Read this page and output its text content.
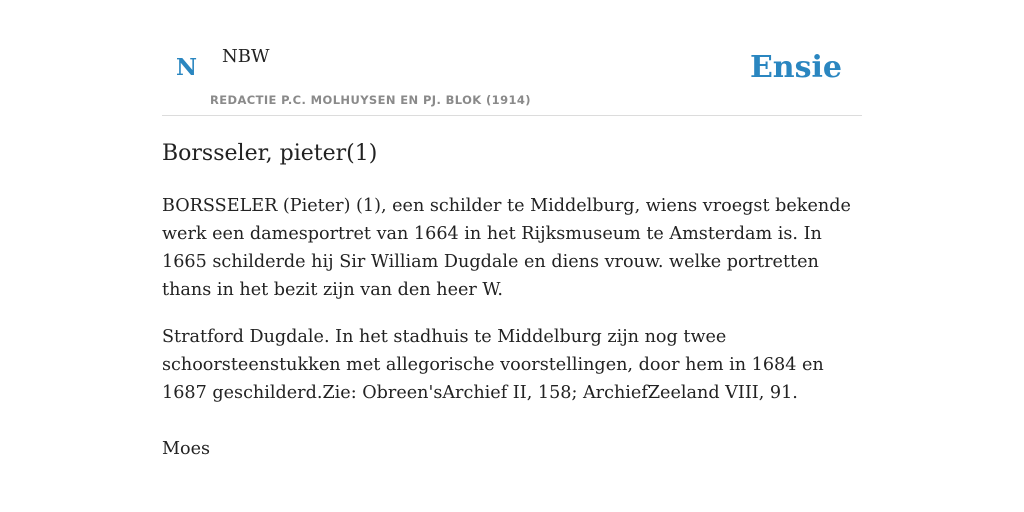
N NBW
REDACTIE P.C. MOLHUYSEN EN PJ. BLOK (1914)
Ensie
Borsseler, pieter(1)

BORSSELER (Pieter) (1), een schilder te Middelburg, wiens vroegst bekende werk een damesportret van 1664 in het Rijksmuseum te Amsterdam is. In 1665 schilderde hij Sir William Dugdale en diens vrouw. welke portretten thans in het bezit zijn van den heer W.

Stratford Dugdale. In het stadhuis te Middelburg zijn nog twee schoorsteenstukken met allegorische voorstellingen, door hem in 1684 en 1687 geschilderd.Zie: Obreen'sArchief II, 158; ArchiefZeeland VIII, 91.

Moes
